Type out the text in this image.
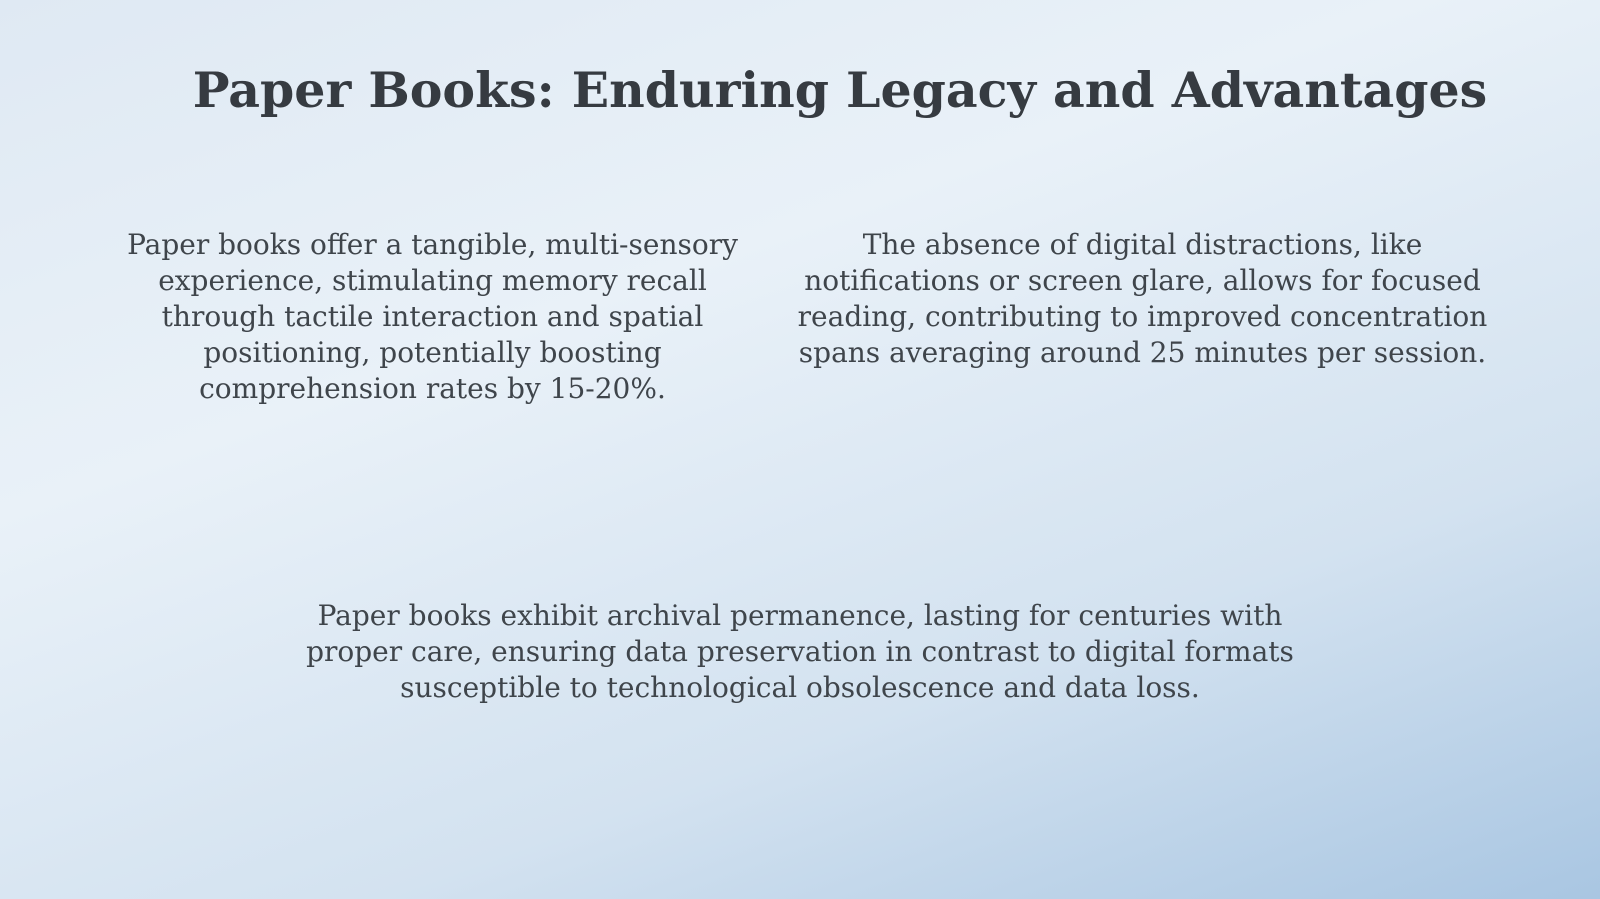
Paper Books: Enduring Legacy and Advantages

Paper books offer a tangible, multi-sensory experience, stimulating memory recall through tactile interaction and spatial positioning, potentially boosting comprehension rates by 15-20%.

The absence of digital distractions, like notifications or screen glare, allows for focused reading, contributing to improved concentration spans averaging around 25 minutes per session.

Paper books exhibit archival permanence, lasting for centuries with proper care, ensuring data preservation in contrast to digital formats susceptible to technological obsolescence and data loss.
